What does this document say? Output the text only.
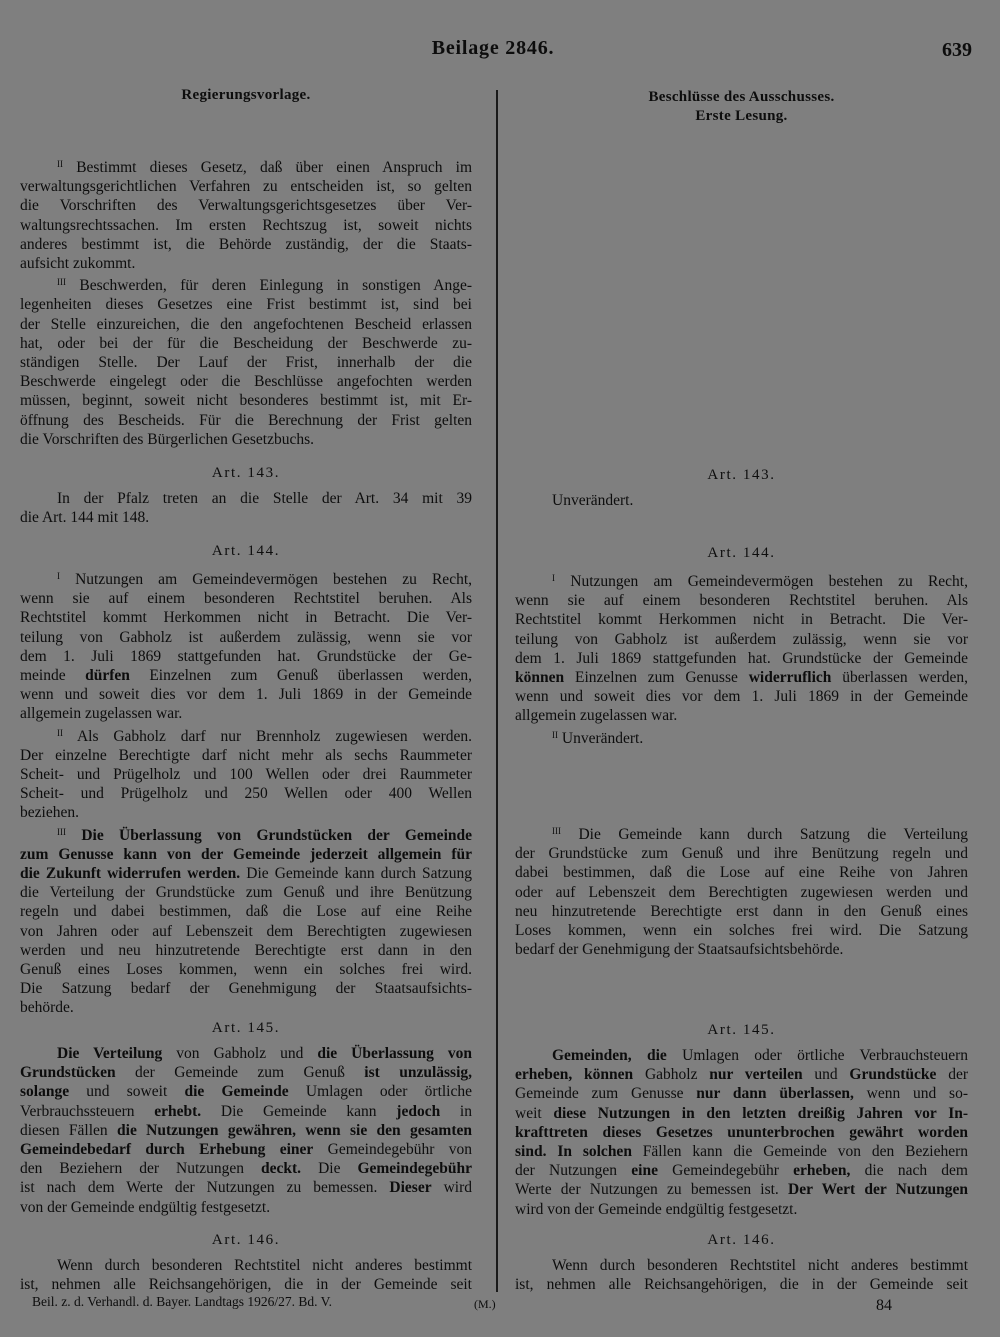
Beilage 2846.	639
Regierungsvorlage.
$^{II}$ Bestimmt dieses Gesetz, daß über einen Anspruch im
verwaltungsgerichtlichen Verfahren zu entscheiden ist, so gelten
die Vorschriften des Verwaltungsgerichtsgesetzes über Ver-
waltungsrechtssachen. Im ersten Rechtszug ist, soweit nichts
anderes bestimmt ist, die Behörde zuständig, der die Staats-
aufsicht zukommt.
$^{III}$ Beschwerden, für deren Einlegung in sonstigen Ange-
legenheiten dieses Gesetzes eine Frist bestimmt ist, sind bei
der Stelle einzureichen, die den angefochtenen Bescheid erlassen
hat, oder bei der für die Bescheidung der Beschwerde zu-
ständigen Stelle. Der Lauf der Frist, innerhalb der die
Beschwerde eingelegt oder die Beschlüsse angefochten werden
müssen, beginnt, soweit nicht besonderes bestimmt ist, mit Er-
öffnung des Bescheids. Für die Berechnung der Frist gelten
die Vorschriften des Bürgerlichen Gesetzbuchs.
Art. 143.
In der Pfalz treten an die Stelle der Art. 34 mit 39
die Art. 144 mit 148.
Art. 144.
$^I$ Nutzungen am Gemeindevermögen bestehen zu Recht,
wenn sie auf einem besonderen Rechtstitel beruhen. Als
Rechtstitel kommt Herkommen nicht in Betracht. Die Ver-
teilung von Gabholz ist außerdem zulässig, wenn sie vor
dem 1. Juli 1869 stattgefunden hat. Grundstücke der Ge-
meinde dürfen Einzelnen zum Genuß überlassen werden,
wenn und soweit dies vor dem 1. Juli 1869 in der Gemeinde
allgemein zugelassen war.
$^{II}$ Als Gabholz darf nur Brennholz zugewiesen werden.
Der einzelne Berechtigte darf nicht mehr als sechs Raummeter
Scheit- und Prügelholz und 100 Wellen oder drei Raummeter
Scheit- und Prügelholz und 250 Wellen oder 400 Wellen
beziehen.
$^{III}$ Die Überlassung von Grundstücken der Gemeinde
zum Genusse kann von der Gemeinde jederzeit allgemein für
die Zukunft widerrufen werden. Die Gemeinde kann durch Satzung
die Verteilung der Grundstücke zum Genuß und ihre Benützung
regeln und dabei bestimmen, daß die Lose auf eine Reihe
von Jahren oder auf Lebenszeit dem Berechtigten zugewiesen
werden und neu hinzutretende Berechtigte erst dann in den
Genuß eines Loses kommen, wenn ein solches frei wird.
Die Satzung bedarf der Genehmigung der Staatsaufsichts-
behörde.
Art. 145.
Die Verteilung von Gabholz und die Überlassung von
Grundstücken der Gemeinde zum Genuß ist unzulässig,
solange und soweit die Gemeinde Umlagen oder örtliche
Verbrauchssteuern erhebt. Die Gemeinde kann jedoch in
diesen Fällen die Nutzungen gewähren, wenn sie den gesamten
Gemeindebedarf durch Erhebung einer Gemeindegebühr von
den Beziehern der Nutzungen deckt. Die Gemeindegebühr
ist nach dem Werte der Nutzungen zu bemessen. Dieser wird
von der Gemeinde endgültig festgesetzt.
Art. 146.
Wenn durch besonderen Rechtstitel nicht anderes bestimmt
ist, nehmen alle Reichsangehörigen, die in der Gemeinde seit
Beschlüsse des Ausschusses.
Erste Lesung.
Art. 143.
Unverändert.
Art. 144.
$^I$ Nutzungen am Gemeindevermögen bestehen zu Recht,
wenn sie auf einem besonderen Rechtstitel beruhen. Als
Rechtstitel kommt Herkommen nicht in Betracht. Die Ver-
teilung von Gabholz ist außerdem zulässig, wenn sie vor
dem 1. Juli 1869 stattgefunden hat. Grundstücke der Gemeinde
können Einzelnen zum Genusse widerruflich überlassen werden,
wenn und soweit dies vor dem 1. Juli 1869 in der Gemeinde
allgemein zugelassen war.
$^{II}$ Unverändert.
$^{III}$ Die Gemeinde kann durch Satzung die Verteilung
der Grundstücke zum Genuß und ihre Benützung regeln und
dabei bestimmen, daß die Lose auf eine Reihe von Jahren
oder auf Lebenszeit dem Berechtigten zugewiesen werden und
neu hinzutretende Berechtigte erst dann in den Genuß eines
Loses kommen, wenn ein solches frei wird. Die Satzung
bedarf der Genehmigung der Staatsaufsichtsbehörde.
Art. 145.
Gemeinden, die Umlagen oder örtliche Verbrauchsteuern
erheben, können Gabholz nur verteilen und Grundstücke der
Gemeinde zum Genusse nur dann überlassen, wenn und so-
weit diese Nutzungen in den letzten dreißig Jahren vor In-
krafttreten dieses Gesetzes ununterbrochen gewährt worden
sind. In solchen Fällen kann die Gemeinde von den Beziehern
der Nutzungen eine Gemeindegebühr erheben, die nach dem
Werte der Nutzungen zu bemessen ist. Der Wert der Nutzungen
wird von der Gemeinde endgültig festgesetzt.
Art. 146.
Wenn durch besonderen Rechtstitel nicht anderes bestimmt
ist, nehmen alle Reichsangehörigen, die in der Gemeinde seit
Beil. z. d. Verhandl. d. Bayer. Landtags 1926/27. Bd. V.	(M.)	84
